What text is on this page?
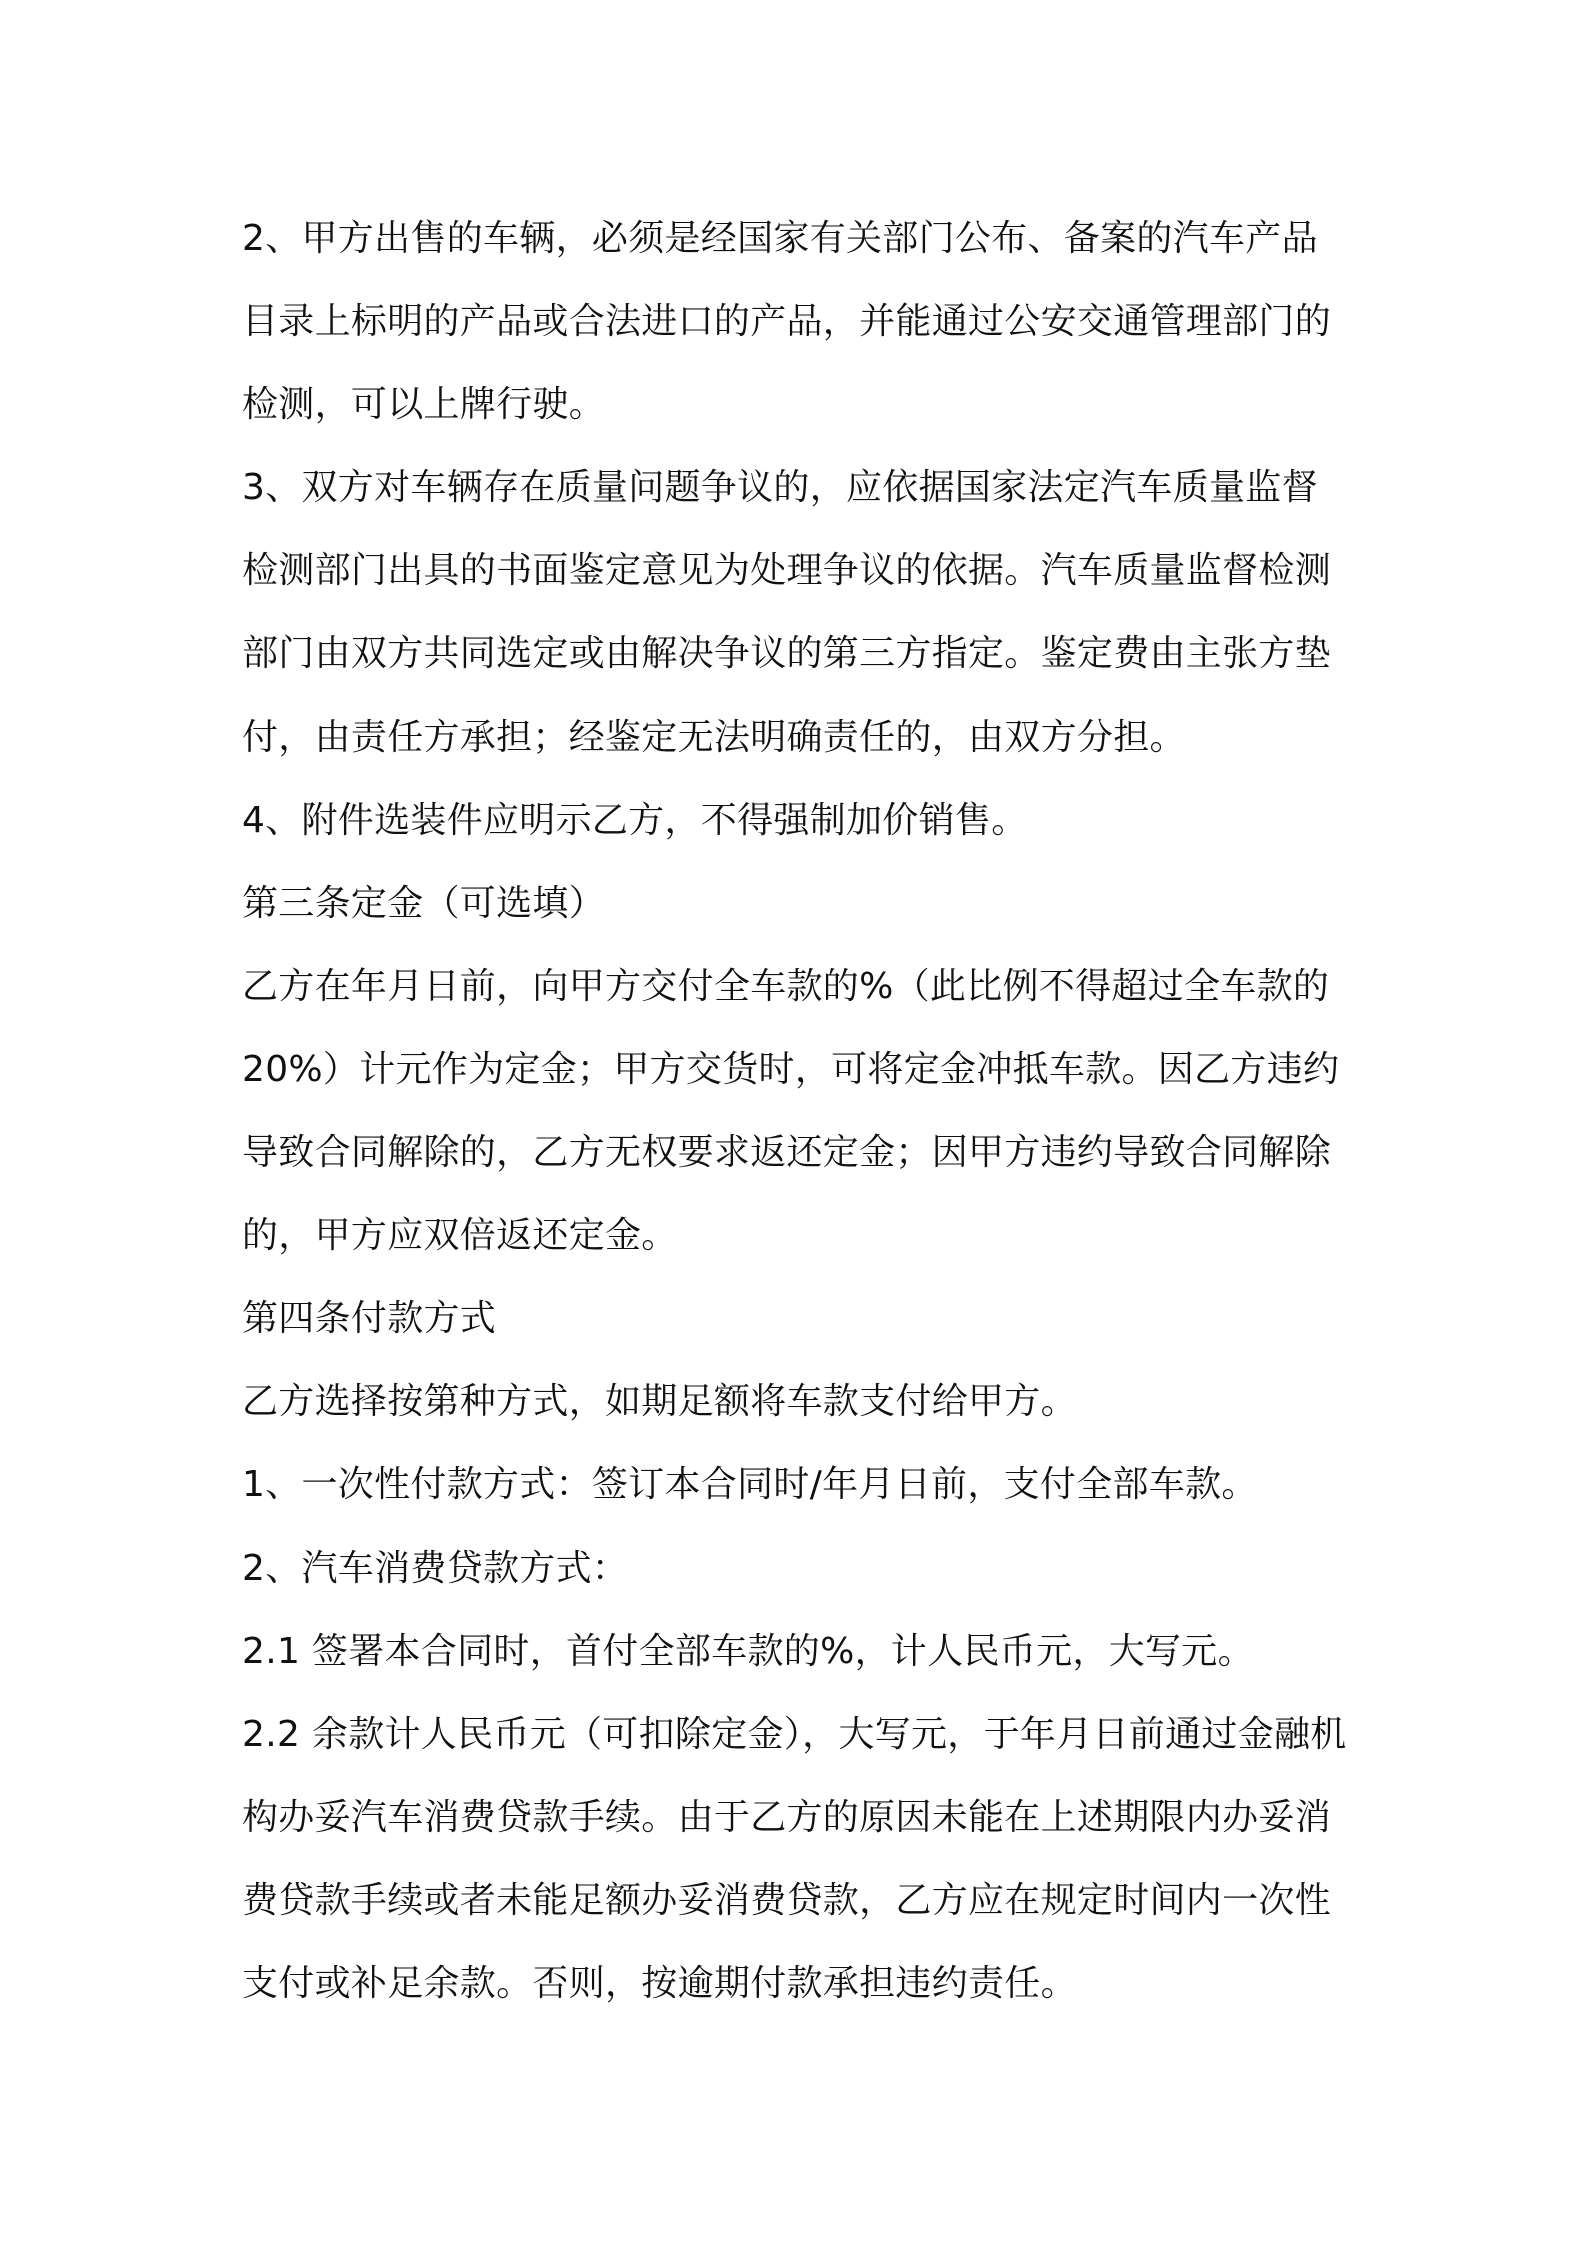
2、甲方出售的车辆，必须是经国家有关部门公布、备案的汽车产品
目录上标明的产品或合法进口的产品，并能通过公安交通管理部门的
检测，可以上牌行驶。
3、双方对车辆存在质量问题争议的，应依据国家法定汽车质量监督
检测部门出具的书面鉴定意见为处理争议的依据。汽车质量监督检测
部门由双方共同选定或由解决争议的第三方指定。鉴定费由主张方垫
付，由责任方承担；经鉴定无法明确责任的，由双方分担。
4、附件选装件应明示乙方，不得强制加价销售。
第三条定金（可选填）
乙方在年月日前，向甲方交付全车款的%（此比例不得超过全车款的
20%）计元作为定金；甲方交货时，可将定金冲抵车款。因乙方违约
导致合同解除的，乙方无权要求返还定金；因甲方违约导致合同解除
的，甲方应双倍返还定金。
第四条付款方式
乙方选择按第种方式，如期足额将车款支付给甲方。
1、一次性付款方式：签订本合同时/年月日前，支付全部车款。
2、汽车消费贷款方式：
2.1 签署本合同时，首付全部车款的%，计人民币元，大写元。
2.2 余款计人民币元（可扣除定金），大写元，于年月日前通过金融机
构办妥汽车消费贷款手续。由于乙方的原因未能在上述期限内办妥消
费贷款手续或者未能足额办妥消费贷款，乙方应在规定时间内一次性
支付或补足余款。否则，按逾期付款承担违约责任。
